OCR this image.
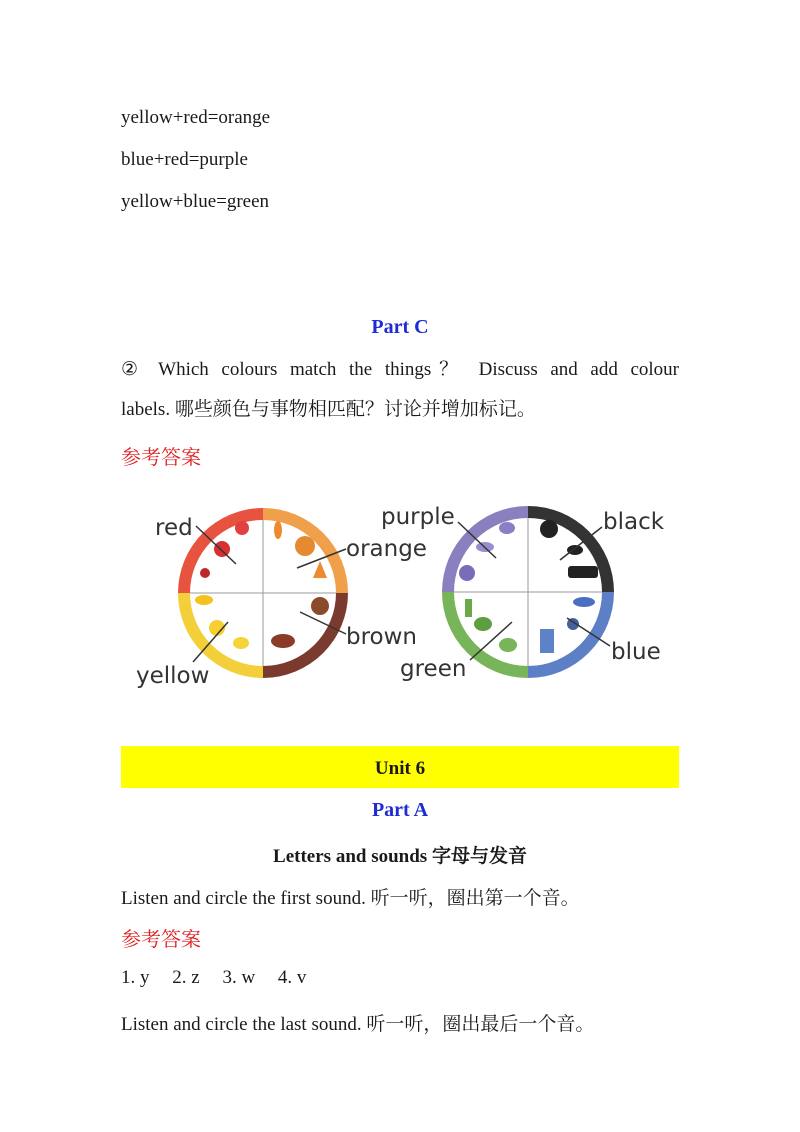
yellow+red=orange
blue+red=purple
yellow+blue=green
Part C
② Which colours match the things？ Discuss and add colour
labels. 哪些颜色与事物相匹配？讨论并增加标记。
参考答案
red
orange
brown
yellow
purple	black
blue
green
Unit 6
Part A
Letters and sounds 字母与发音
Listen and circle the first sound. 听一听，圈出第一个音。
参考答案
1. y 2. z 3. w 4. v
Listen and circle the last sound. 听一听，圈出最后一个音。
